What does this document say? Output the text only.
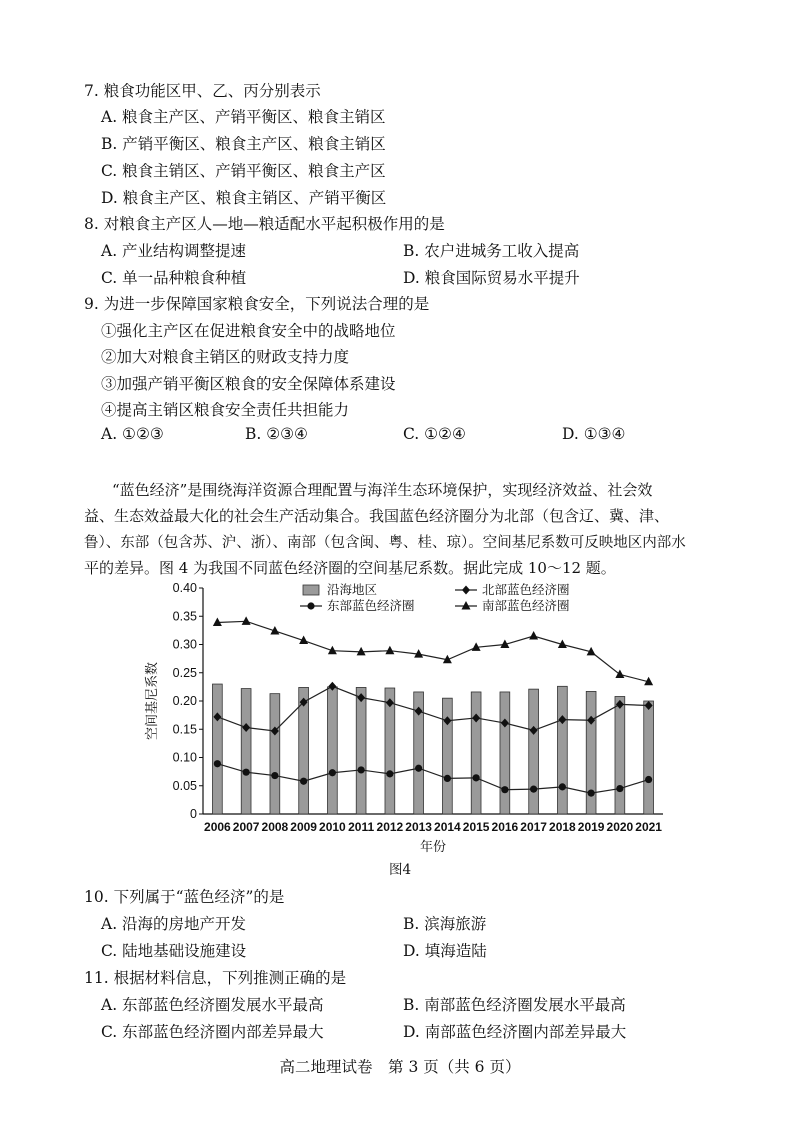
7. 粮食功能区甲、乙、丙分别表示
A. 粮食主产区、产销平衡区、粮食主销区
B. 产销平衡区、粮食主产区、粮食主销区
C. 粮食主销区、产销平衡区、粮食主产区
D. 粮食主产区、粮食主销区、产销平衡区
8. 对粮食主产区人—地—粮适配水平起积极作用的是
A. 产业结构调整提速	B. 农户进城务工收入提高
C. 单一品种粮食种植	D. 粮食国际贸易水平提升
9. 为进一步保障国家粮食安全，下列说法合理的是
①强化主产区在促进粮食安全中的战略地位
②加大对粮食主销区的财政支持力度
③加强产销平衡区粮食的安全保障体系建设
④提高主销区粮食安全责任共担能力
A. ①②③	B. ②③④	C. ①②④	D. ①③④
“蓝色经济”是围绕海洋资源合理配置与海洋生态环境保护，实现经济效益、社会效
益、生态效益最大化的社会生产活动集合。我国蓝色经济圈分为北部（包含辽、冀、津、
鲁）、东部（包含苏、沪、浙）、南部（包含闽、粤、桂、琼）。空间基尼系数可反映地区内部水
平的差异。图 4 为我国不同蓝色经济圈的空间基尼系数。据此完成 10～12 题。
0
0.05
0.10
0.15
0.20
0.25
0.30
0.35
0.40
空间基尼系数
2006 2007 2008 2009 2010 2011 2012 2013 2014 2015 2016 2017 2018 2019 2020 2021
年份
沿海地区	北部蓝色经济圈
东部蓝色经济圈	南部蓝色经济圈
图4
10. 下列属于“蓝色经济”的是
A. 沿海的房地产开发	B. 滨海旅游
C. 陆地基础设施建设	D. 填海造陆
11. 根据材料信息，下列推测正确的是
A. 东部蓝色经济圈发展水平最高	B. 南部蓝色经济圈发展水平最高
C. 东部蓝色经济圈内部差异最大	D. 南部蓝色经济圈内部差异最大
高二地理试卷　第 3 页（共 6 页）
